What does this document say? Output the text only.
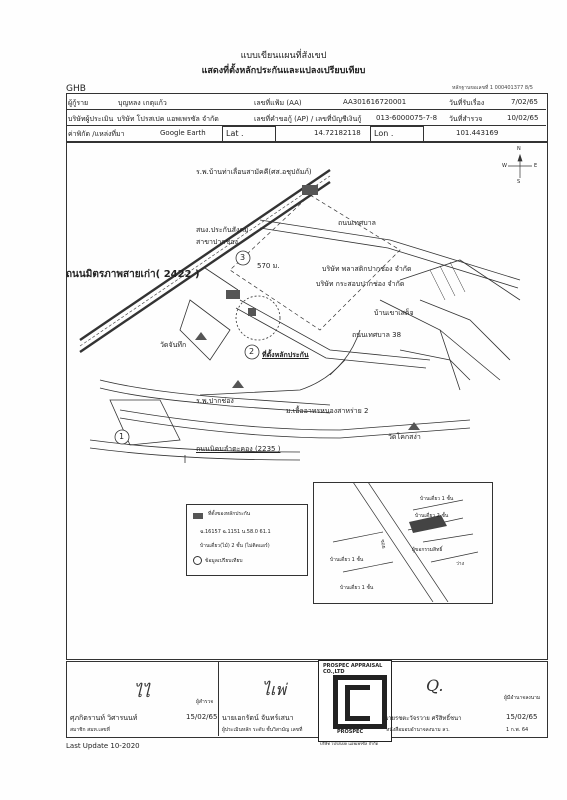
แบบเขียนแผนที่สังเขป
แสดงที่ตั้งหลักประกันและแปลงเปรียบเทียบ
GHB	หลักฐานขอเลขที่ 1 000401377 8/5
ผู้กู้ราย	บุญหลง เกตุแก้ว	เลขที่แฟ้ม (AA)	AA301616720001	วันที่รับเรื่อง	7/02/65
บริษัทผู้ประเมิน บริษัท โปรสเปค แอพเพรซัล จำกัด	เลขที่คำขอกู้ (AP) / เลขที่บัญชีเงินกู้ 013-6000075-7-8 วันที่สำรวจ	10/02/65
ค่าพิกัด /แหล่งที่มา	Google Earth	Lat .	14.72182118 Lon .	101.443169
ร.พ.บ้านท่าเลื่อนสามัคคี(ศส.อชุปถัมภ์)
ถนนเทศบาล
สนง.ประกันสังคม
สาขาปากช่อง
ถนนมิตรภาพสายเก่า( 2422 )
570 ม.	บริษัท พลาสติกปากช่อง จำกัด
บริษัท กระสอบปากช่อง จำกัด
บ้านเขาเสด็จ
วัดจันทึก
ที่ตั้งหลักประกัน
ถนนเทศบาล 38
ร.พ.ปากช่อง
ม.เอื้ออาทรหนองสาหร่าย 2
วัดโคกสง่า
ถนนนิคมลำตะคอง (2235 )
3
2
1
N
S
E
W
ที่ตั้งของหลักประกัน
ฉ.16157 ฉ.1151 น.58.0 61.1
บ้านเดี่ยว(ไม้) 2 ชั้น (ไม่ติดแอร์)
ข้อมูลเปรียบเทียบ
บ้านเดี่ยว 1 ชั้น
บ้านเดี่ยว 2 ชั้น
ผู้ขอกรรมสิทธิ์
ซอย
บ้านเดี่ยว 1 ชั้น
บ้านเดี่ยว 1 ชั้น
ว่าง
ไไ
ผู้สำรวจ
ศุภกิตรานท์ วิศารนนท์	15/02/65
สมาชิก สมห.เลขที่
ไเพ่
นายเอกรัตน์ จันทร์เสนา
ผู้ประเมินหลัก ระดับ ชั้นวิสามัญ เลขที่
PROSPEC APPRAISAL CO.,LTD
PROSPEC
บริษัท โปรสเปค แอพเพรซัล จำกัด
Q.
ผู้มีอำนาจลงนาม
นายรชตะวัจรวาย ศรีสิทธิ์ชนา	15/02/65
หนังสือมอบอำนาจลงนาม ลว.	1 ก.พ. 64
Last Update 10-2020
